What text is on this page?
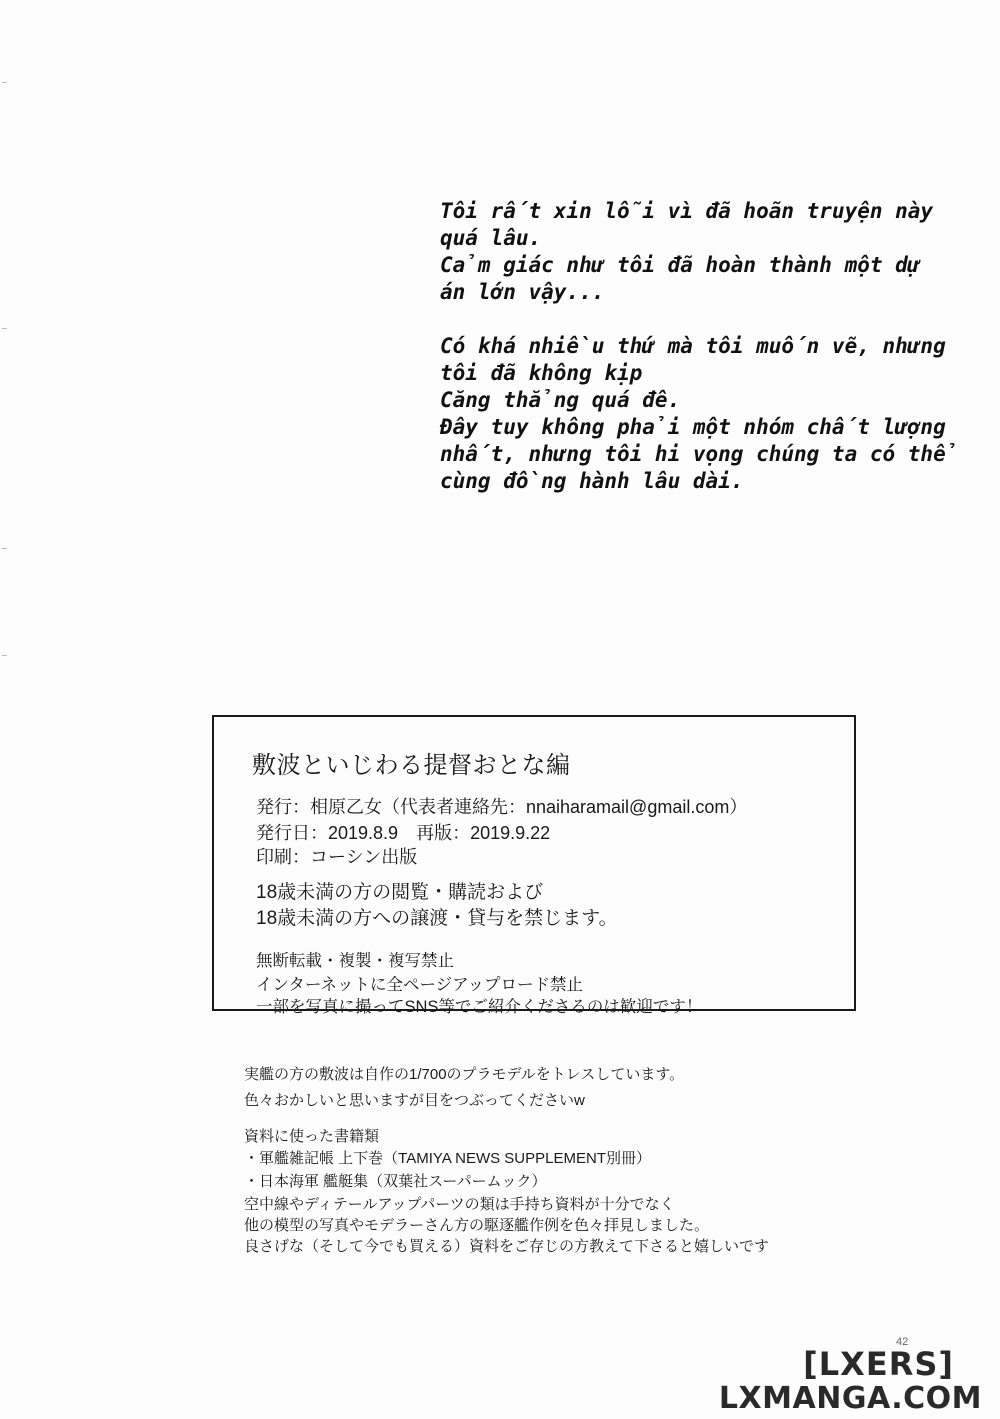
Tôi rất xin lỗi vì đã hoãn truyện này

quá lâu.

Cảm giác như tôi đã hoàn thành một dự

án lớn vậy...

Có khá nhiều thứ mà tôi muốn vẽ, nhưng

tôi đã không kịp

Căng thẳng quá đê.

Đây tuy không phải một nhóm chất lượng

nhất, nhưng tôi hi vọng chúng ta có thể

cùng đồng hành lâu dài.

敷波といじわる提督おとな編
発行：相原乙女（代表者連絡先：nnaiharamail@gmail.com）
発行日：2019.8.9　再版：2019.9.22
印刷：コーシン出版
18歳未満の方の閲覧・購読および
18歳未満の方への譲渡・貸与を禁じます。
無断転載・複製・複写禁止
インターネットに全ページアップロード禁止
一部を写真に撮ってSNS等でご紹介くださるのは歓迎です！
実艦の方の敷波は自作の1/700のプラモデルをトレスしています。
色々おかしいと思いますが目をつぶってくださいw
資料に使った書籍類
・軍艦雑記帳 上下巻（TAMIYA NEWS SUPPLEMENT別冊）
・日本海軍 艦艇集（双葉社スーパームック）
空中線やディテールアップパーツの類は手持ち資料が十分でなく
他の模型の写真やモデラーさん方の駆逐艦作例を色々拝見しました。
良さげな（そして今でも買える）資料をご存じの方教えて下さると嬉しいです
42
[LXERS]
LXMANGA.COM
